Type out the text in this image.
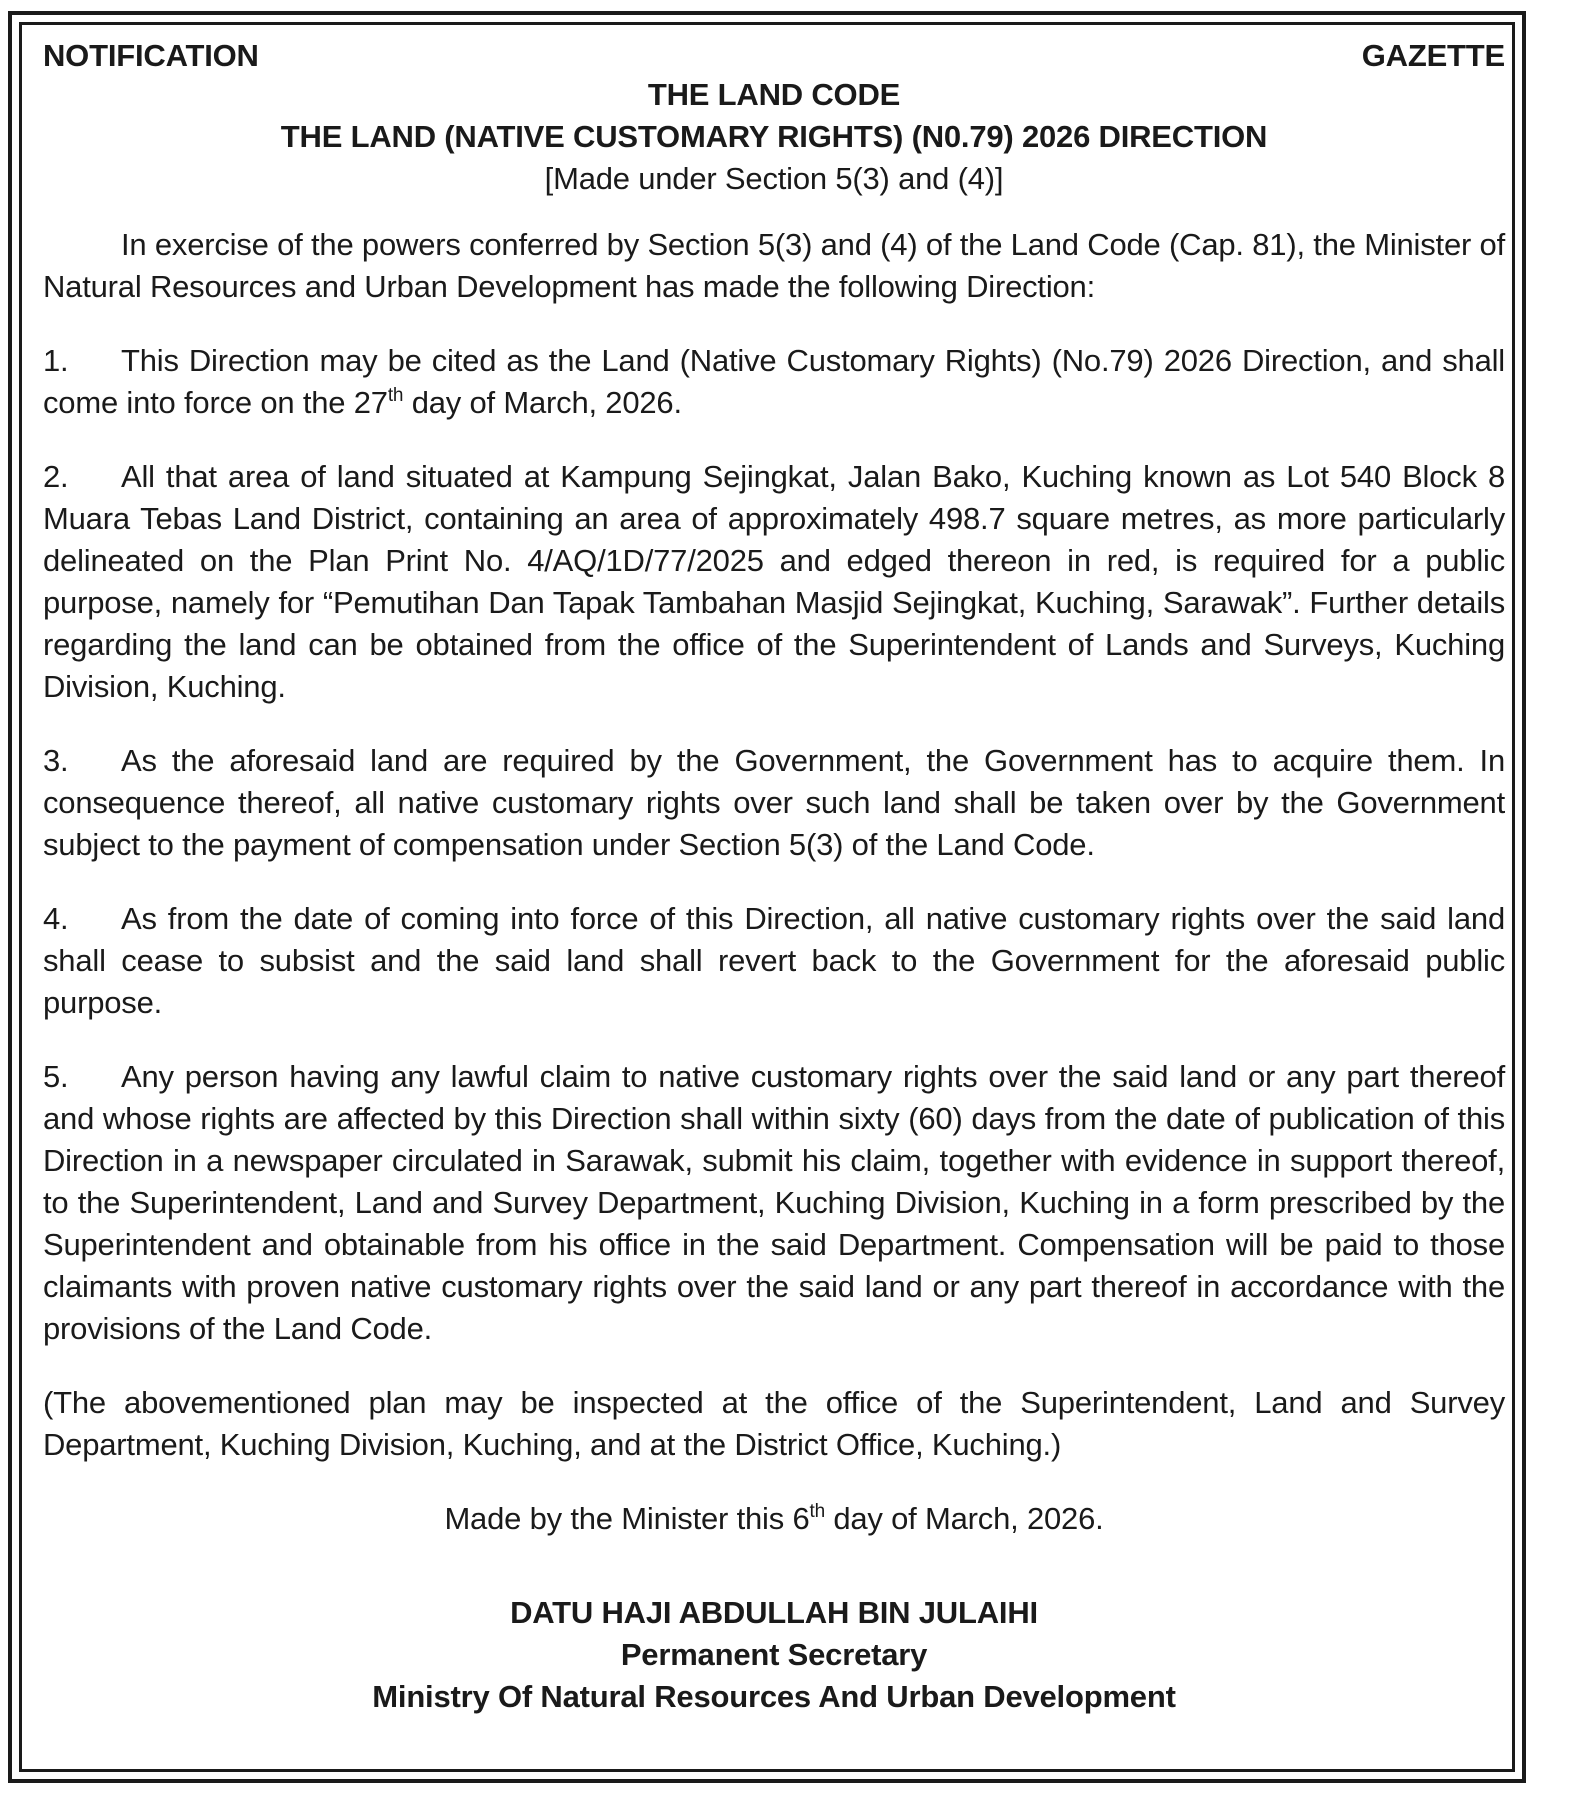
NOTIFICATION	GAZETTE
THE LAND CODE
THE LAND (NATIVE CUSTOMARY RIGHTS) (N0.79) 2026 DIRECTION
[Made under Section 5(3) and (4)]

In exercise of the powers conferred by Section 5(3) and (4) of the Land Code (Cap. 81), the Minister of Natural Resources and Urban Development has made the following Direction:

1. This Direction may be cited as the Land (Native Customary Rights) (No.79) 2026 Direction, and shall come into force on the 27th day of March, 2026.

2. All that area of land situated at Kampung Sejingkat, Jalan Bako, Kuching known as Lot 540 Block 8 Muara Tebas Land District, containing an area of approximately 498.7 square metres, as more particularly delineated on the Plan Print No. 4/AQ/1D/77/2025 and edged thereon in red, is required for a public purpose, namely for “Pemutihan Dan Tapak Tambahan Masjid Sejingkat, Kuching, Sarawak”. Further details regarding the land can be obtained from the office of the Superintendent of Lands and Surveys, Kuching Division, Kuching.

3. As the aforesaid land are required by the Government, the Government has to acquire them. In consequence thereof, all native customary rights over such land shall be taken over by the Government subject to the payment of compensation under Section 5(3) of the Land Code.

4. As from the date of coming into force of this Direction, all native customary rights over the said land shall cease to subsist and the said land shall revert back to the Government for the aforesaid public purpose.

5. Any person having any lawful claim to native customary rights over the said land or any part thereof and whose rights are affected by this Direction shall within sixty (60) days from the date of publication of this Direction in a newspaper circulated in Sarawak, submit his claim, together with evidence in support thereof, to the Superintendent, Land and Survey Department, Kuching Division, Kuching in a form prescribed by the Superintendent and obtainable from his office in the said Department. Compensation will be paid to those claimants with proven native customary rights over the said land or any part thereof in accordance with the provisions of the Land Code.

(The abovementioned plan may be inspected at the office of the Superintendent, Land and Survey Department, Kuching Division, Kuching, and at the District Office, Kuching.)

Made by the Minister this 6th day of March, 2026.
DATU HAJI ABDULLAH BIN JULAIHI
Permanent Secretary
Ministry Of Natural Resources And Urban Development
